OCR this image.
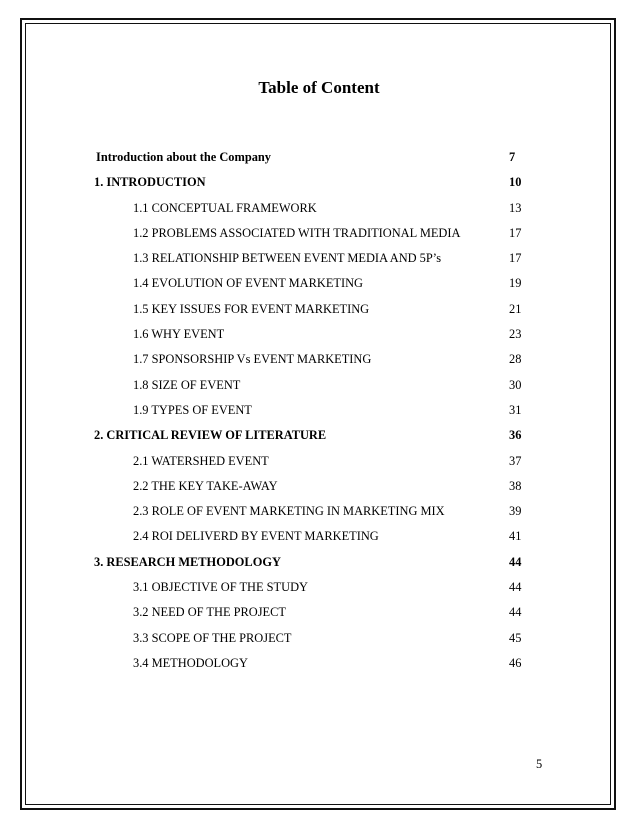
Table of Content
Introduction about the Company	7
1. INTRODUCTION	10
1.1 CONCEPTUAL FRAMEWORK	13
1.2 PROBLEMS ASSOCIATED WITH TRADITIONAL MEDIA	17
1.3 RELATIONSHIP BETWEEN EVENT MEDIA AND 5P’s	17
1.4 EVOLUTION OF EVENT MARKETING	19
1.5 KEY ISSUES FOR EVENT MARKETING	21
1.6 WHY EVENT	23
1.7 SPONSORSHIP Vs EVENT MARKETING	28
1.8 SIZE OF EVENT	30
1.9 TYPES OF EVENT	31
2. CRITICAL REVIEW OF LITERATURE	36
2.1 WATERSHED EVENT	37
2.2 THE KEY TAKE-AWAY	38
2.3 ROLE OF EVENT MARKETING IN MARKETING MIX	39
2.4 ROI DELIVERD BY EVENT MARKETING	41
3. RESEARCH METHODOLOGY	44
3.1 OBJECTIVE OF THE STUDY	44
3.2 NEED OF THE PROJECT	44
3.3 SCOPE OF THE PROJECT	45
3.4 METHODOLOGY	46
5
